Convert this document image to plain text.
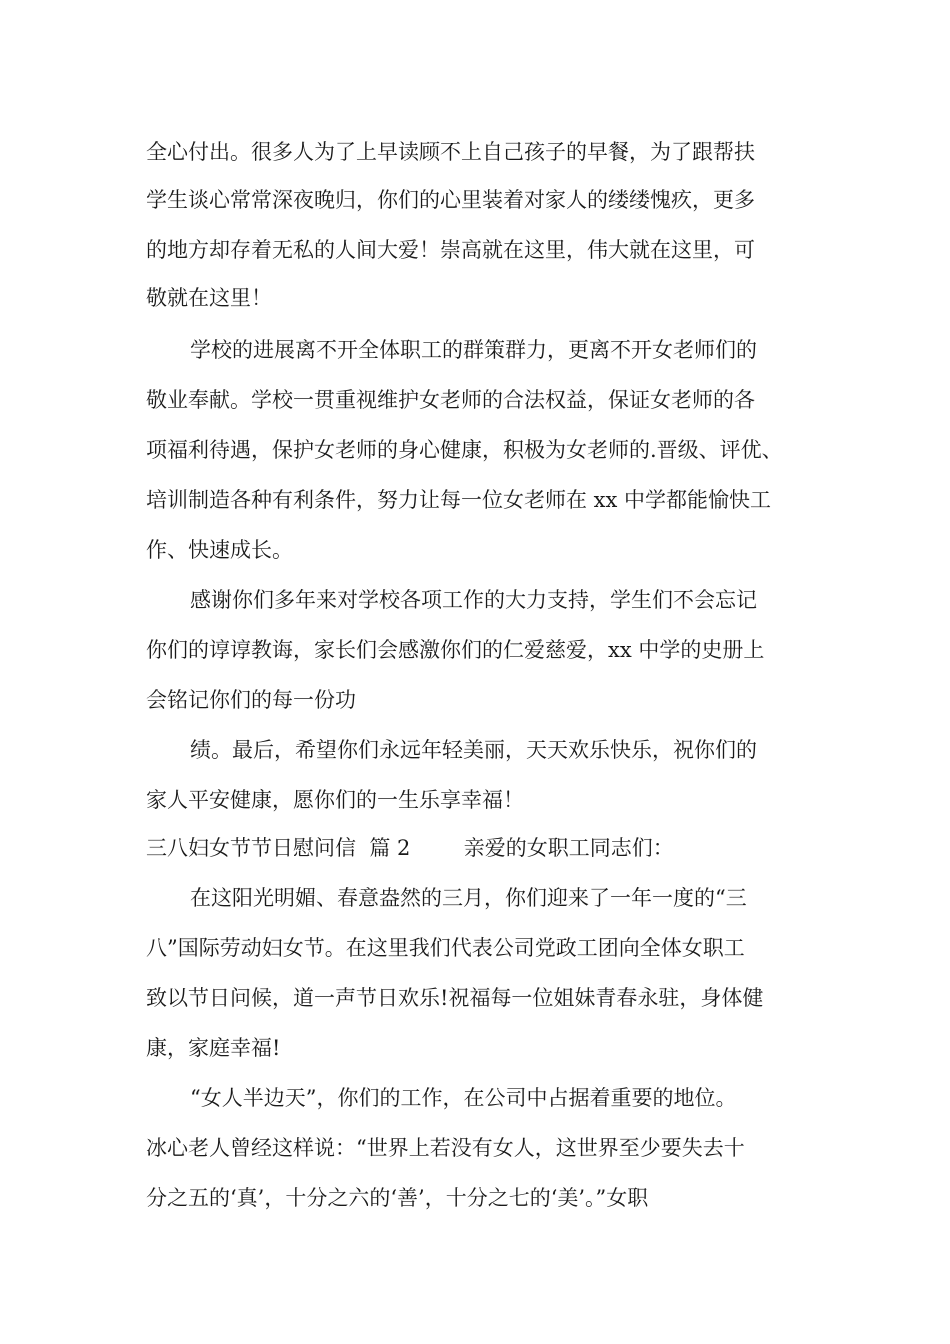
全心付出。很多人为了上早读顾不上自己孩子的早餐，为了跟帮扶
学生谈心常常深夜晚归，你们的心里装着对家人的缕缕愧疚，更多
的地方却存着无私的人间大爱！崇高就在这里，伟大就在这里，可
敬就在这里！
学校的进展离不开全体职工的群策群力，更离不开女老师们的
敬业奉献。学校一贯重视维护女老师的合法权益，保证女老师的各
项福利待遇，保护女老师的身心健康，积极为女老师的.晋级、评优、
培训制造各种有利条件，努力让每一位女老师在 xx 中学都能愉快工
作、快速成长。
感谢你们多年来对学校各项工作的大力支持，学生们不会忘记
你们的谆谆教诲，家长们会感激你们的仁爱慈爱，xx 中学的史册上
会铭记你们的每一份功
绩。最后，希望你们永远年轻美丽，天天欢乐快乐，祝你们的
家人平安健康，愿你们的一生乐享幸福！
三八妇女节节日慰问信  篇 2        亲爱的女职工同志们：
在这阳光明媚、春意盎然的三月，你们迎来了一年一度的“三
八”国际劳动妇女节。在这里我们代表公司党政工团向全体女职工
致以节日问候，道一声节日欢乐!祝福每一位姐妹青春永驻，身体健
康，家庭幸福!
“女人半边天”，你们的工作，在公司中占据着重要的地位。
冰心老人曾经这样说：“世界上若没有女人，这世界至少要失去十
分之五的‘真’，十分之六的‘善’，十分之七的‘美’。”女职
